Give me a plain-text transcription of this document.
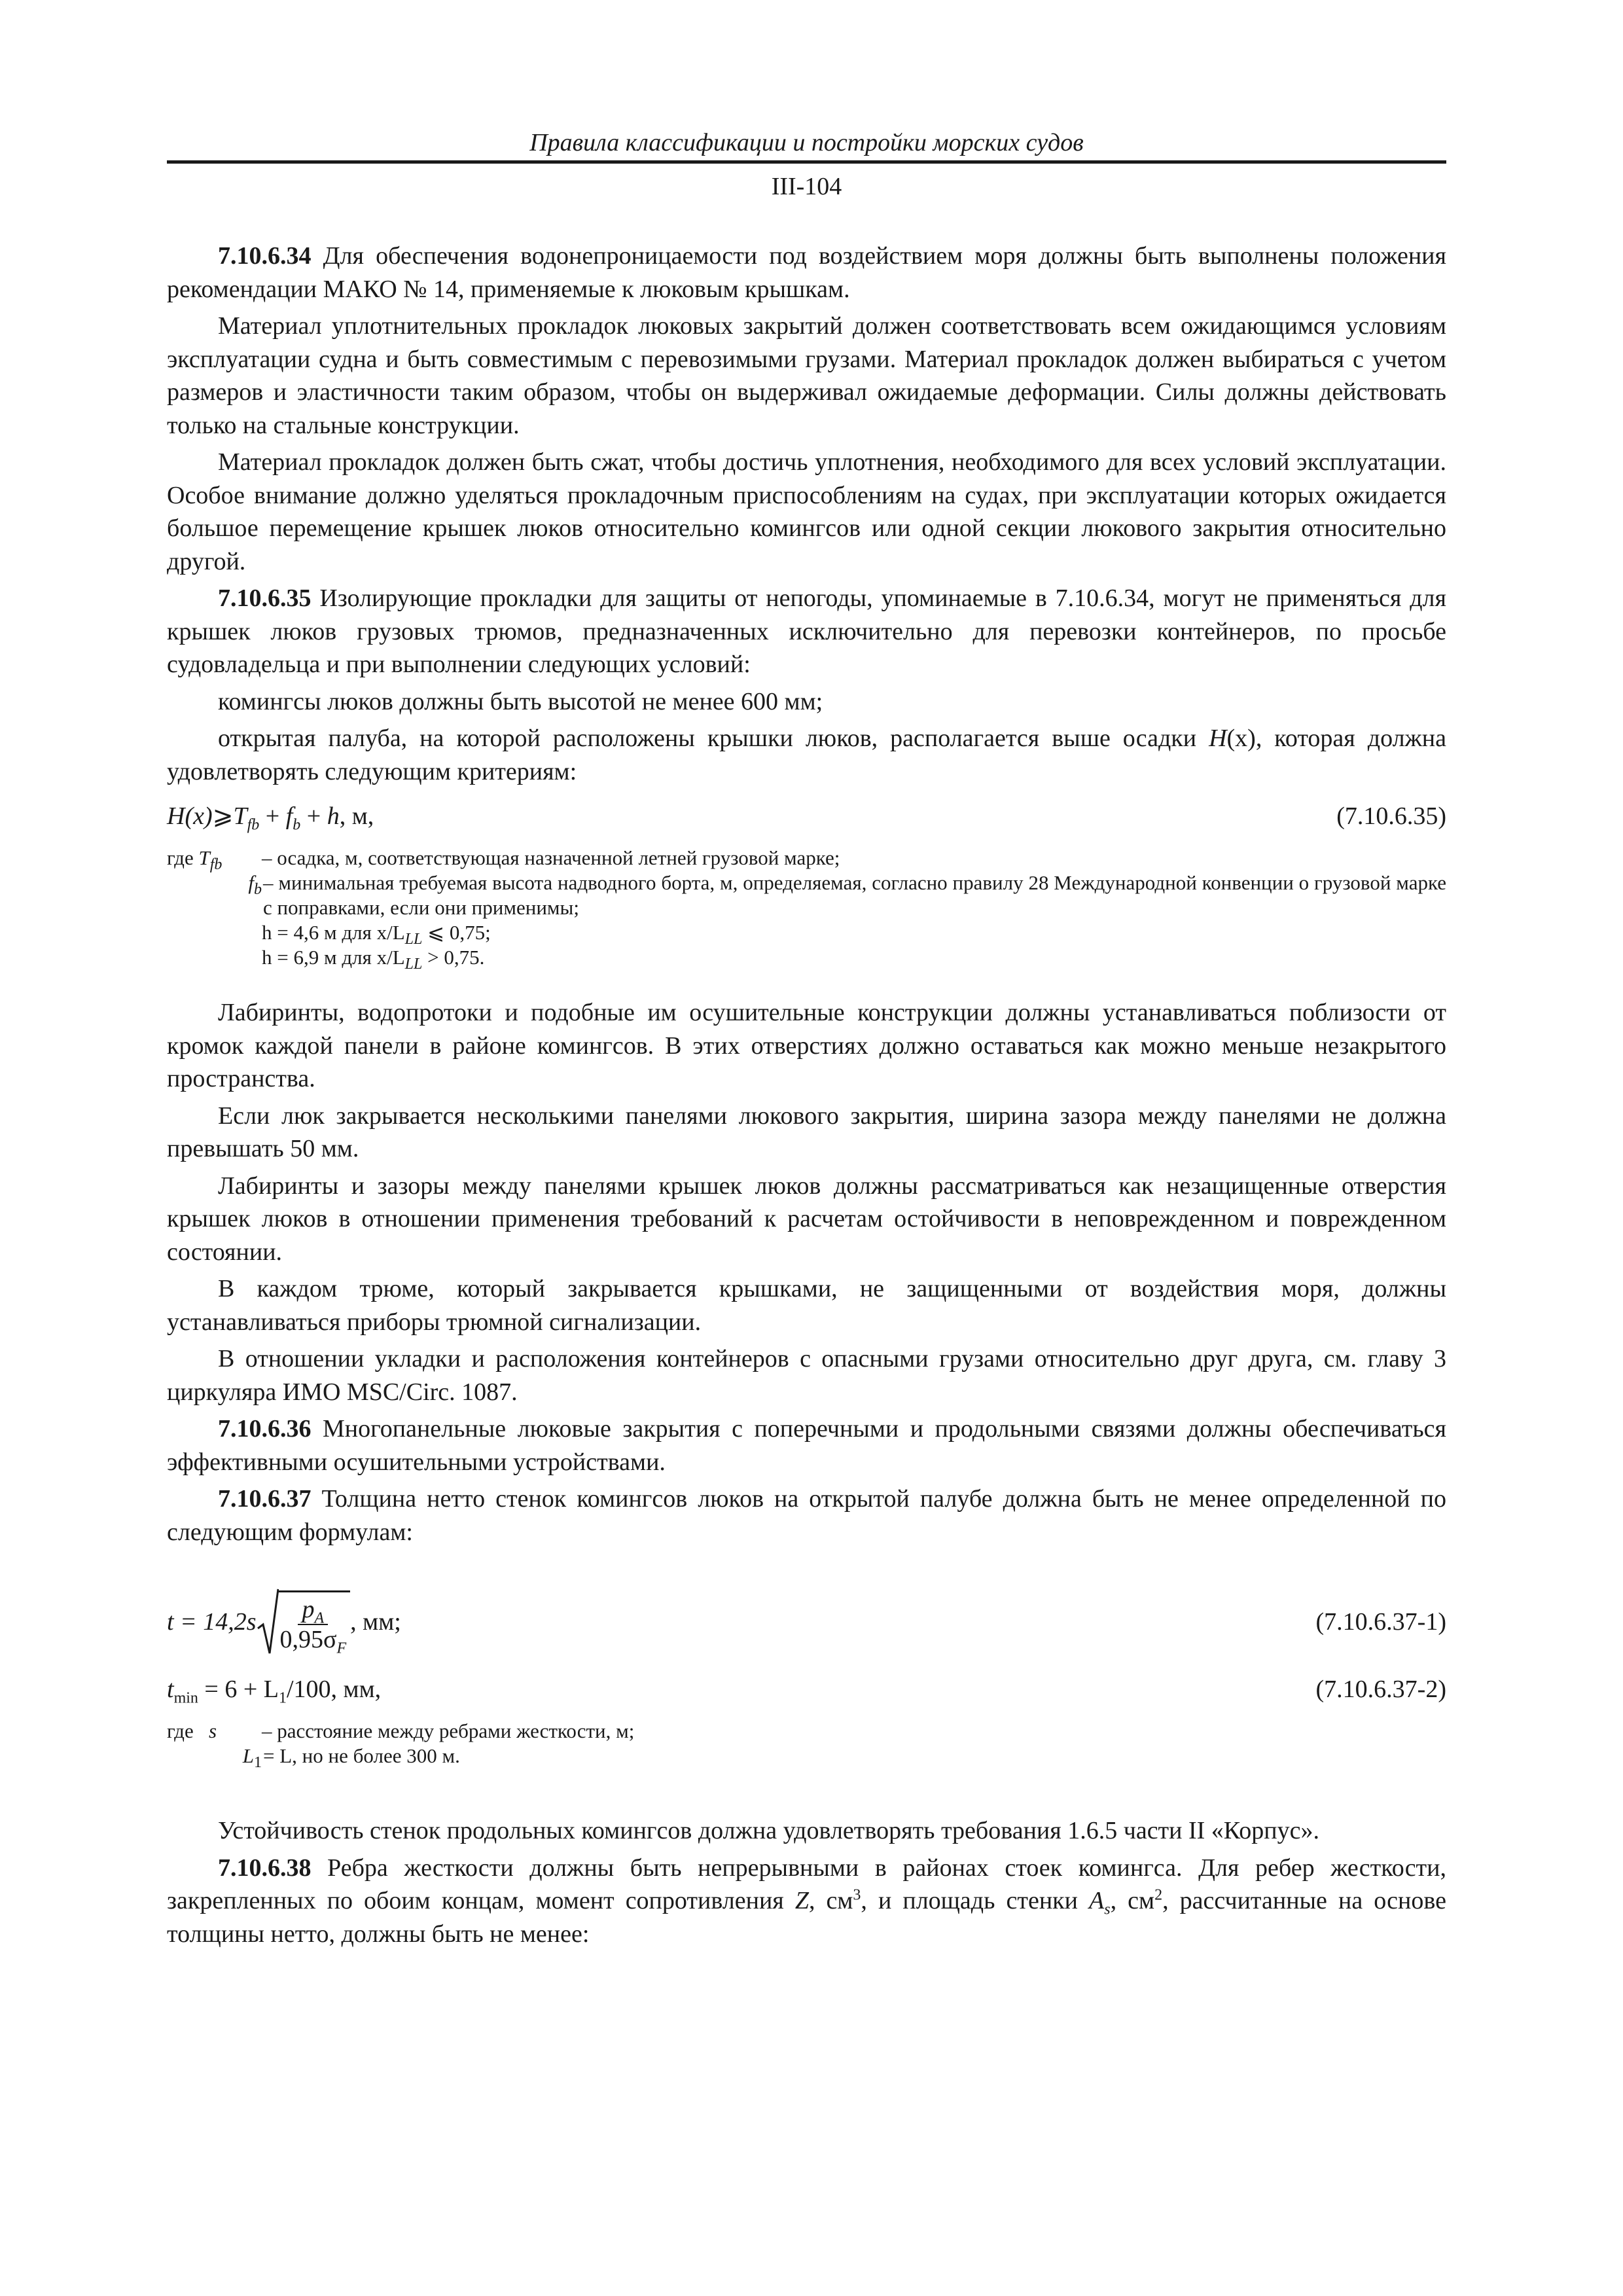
Правила классификации и постройки морских судов
III-104

7.10.6.34 Для обеспечения водонепроницаемости под воздействием моря должны быть выполнены положения рекомендации МАКО № 14, применяемые к люковым крышкам.

Материал уплотнительных прокладок люковых закрытий должен соответствовать всем ожидающимся условиям эксплуатации судна и быть совместимым с перевозимыми грузами. Материал прокладок должен выбираться с учетом размеров и эластичности таким образом, чтобы он выдерживал ожидаемые деформации. Силы должны действовать только на стальные конструкции.

Материал прокладок должен быть сжат, чтобы достичь уплотнения, необходимого для всех условий эксплуатации. Особое внимание должно уделяться прокладочным приспособлениям на судах, при эксплуатации которых ожидается большое перемещение крышек люков относительно комингсов или одной секции люкового закрытия относительно другой.

7.10.6.35 Изолирующие прокладки для защиты от непогоды, упоминаемые в 7.10.6.34, могут не применяться для крышек люков грузовых трюмов, предназначенных исключительно для перевозки контейнеров, по просьбе судовладельца и при выполнении следующих условий:

комингсы люков должны быть высотой не менее 600 мм;

открытая палуба, на которой расположены крышки люков, располагается выше осадки H(x), которая должна удовлетворять следующим критериям:

$H(x)⩾T_{fb} + f_b + h$, м,	(7.10.6.35)
где $T_{fb}$	– осадка, м, соответствующая назначенной летней грузовой марке;
$f_b$ – минимальная требуемая высота надводного борта, м, определяемая, согласно правилу 28 Международной конвенции о грузовой марке с поправками, если они применимы;
h = 4,6 м для $x/L_{LL}$ ⩽ 0,75;
h = 6,9 м для $x/L_{LL} > 0,75$.

Лабиринты, водопротоки и подобные им осушительные конструкции должны устанавливаться поблизости от кромок каждой панели в районе комингсов. В этих отверстиях должно оставаться как можно меньше незакрытого пространства.

Если люк закрывается несколькими панелями люкового закрытия, ширина зазора между панелями не должна превышать 50 мм.

Лабиринты и зазоры между панелями крышек люков должны рассматриваться как незащищенные отверстия крышек люков в отношении применения требований к расчетам остойчивости в неповрежденном и поврежденном состоянии.

В каждом трюме, который закрывается крышками, не защищенными от воздействия моря, должны устанавливаться приборы трюмной сигнализации.

В отношении укладки и расположения контейнеров с опасными грузами относительно друг друга, см. главу 3 циркуляра ИМО MSC/Circ. 1087.

7.10.6.36 Многопанельные люковые закрытия с поперечными и продольными связями должны обеспечиваться эффективными осушительными устройствами.

7.10.6.37 Толщина нетто стенок комингсов люков на открытой палубе должна быть не менее определенной по следующим формулам:

$t = 14,2s \frac{p_A}{0,95\sigma_F}$ , мм;	(7.10.6.37-1)
$t_{min} = 6 + L_1/100$, мм,	(7.10.6.37-2)
где s	– расстояние между ребрами жесткости, м;
$L_1 = L$, но не более 300 м.

Устойчивость стенок продольных комингсов должна удовлетворять требования 1.6.5 части II «Корпус».

7.10.6.38 Ребра жесткости должны быть непрерывными в районах стоек комингса. Для ребер жесткости, закрепленных по обоим концам, момент сопротивления Z, $см^3$, и площадь стенки $A_s$, $см^2$, рассчитанные на основе толщины нетто, должны быть не менее:
